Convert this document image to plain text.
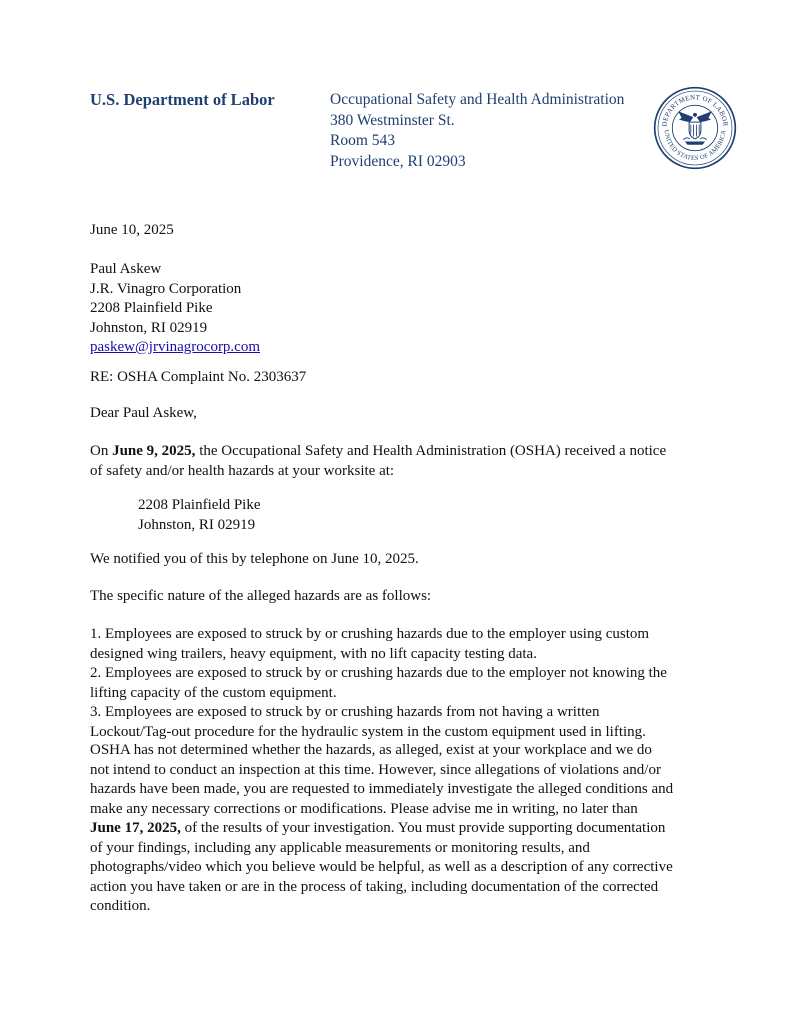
U.S. Department of Labor	Occupational Safety and Health Administration
380 Westminster St.
Room 543
Providence, RI 02903
DEPARTMENT OF LABOR
UNITED STATES OF AMERICA
June 10, 2025
Paul Askew
J.R. Vinagro Corporation
2208 Plainfield Pike
Johnston, RI 02919
paskew@jrvinagrocorp.com
RE: OSHA Complaint No. 2303637
Dear Paul Askew,
On June 9, 2025, the Occupational Safety and Health Administration (OSHA) received a notice
of safety and/or health hazards at your worksite at:
2208 Plainfield Pike
Johnston, RI 02919
We notified you of this by telephone on June 10, 2025.
The specific nature of the alleged hazards are as follows:
1. Employees are exposed to struck by or crushing hazards due to the employer using custom
designed wing trailers, heavy equipment, with no lift capacity testing data.
2. Employees are exposed to struck by or crushing hazards due to the employer not knowing the
lifting capacity of the custom equipment.
3. Employees are exposed to struck by or crushing hazards from not having a written
Lockout/Tag-out procedure for the hydraulic system in the custom equipment used in lifting.
OSHA has not determined whether the hazards, as alleged, exist at your workplace and we do
not intend to conduct an inspection at this time. However, since allegations of violations and/or
hazards have been made, you are requested to immediately investigate the alleged conditions and
make any necessary corrections or modifications. Please advise me in writing, no later than
June 17, 2025, of the results of your investigation. You must provide supporting documentation
of your findings, including any applicable measurements or monitoring results, and
photographs/video which you believe would be helpful, as well as a description of any corrective
action you have taken or are in the process of taking, including documentation of the corrected
condition.
